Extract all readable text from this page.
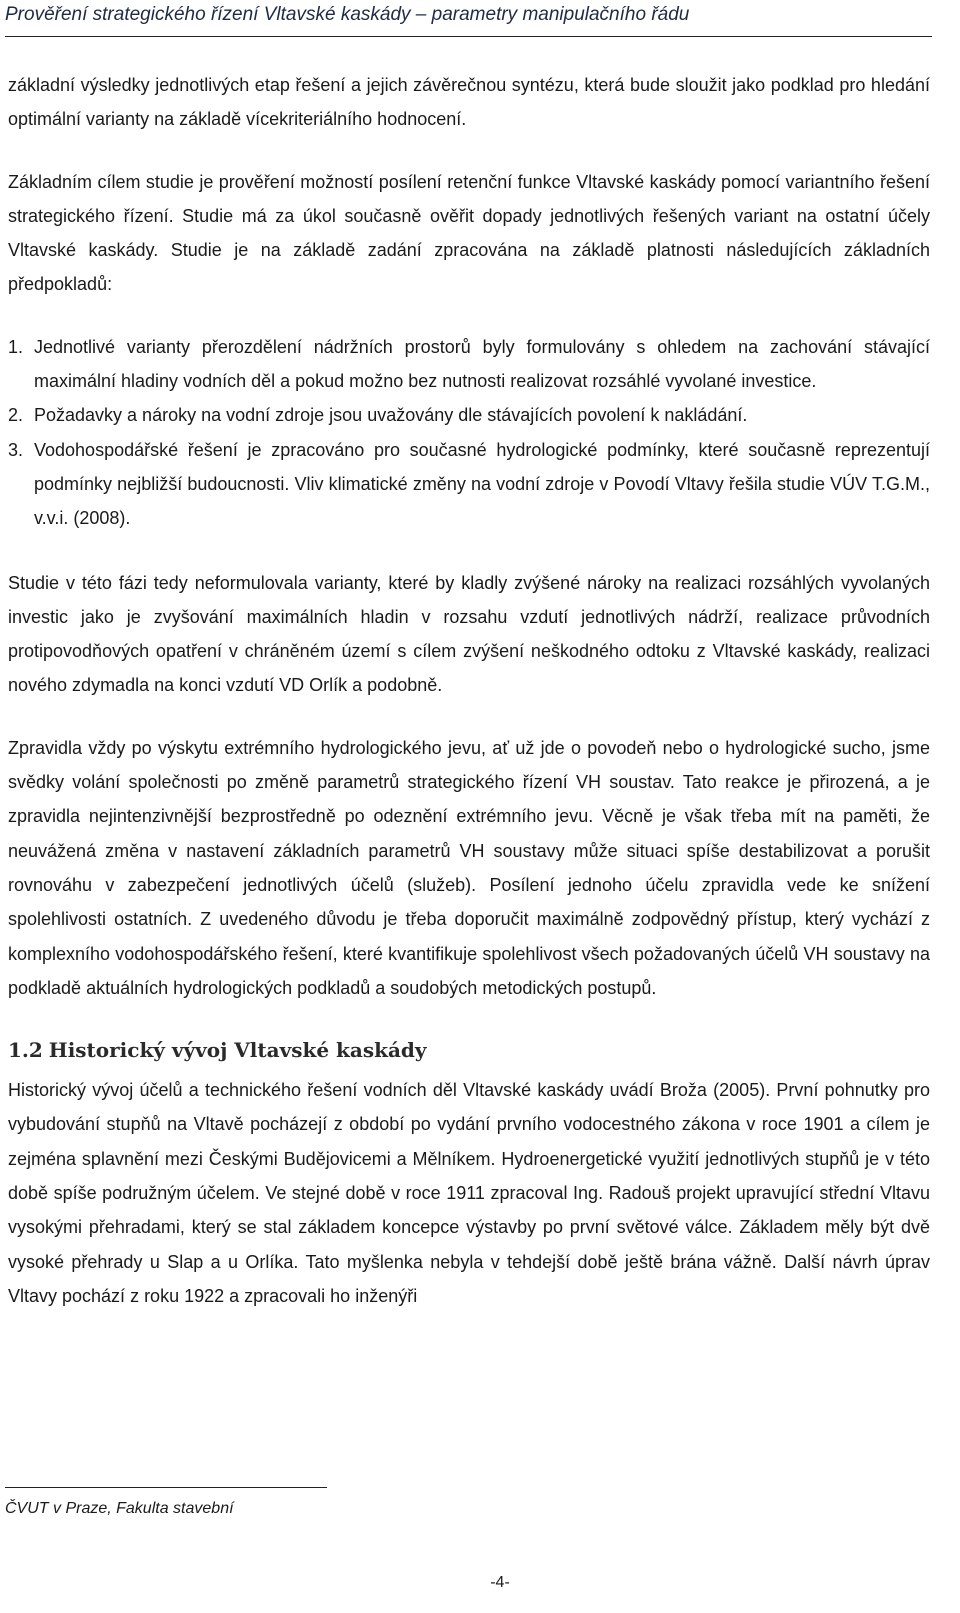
Prověření strategického řízení Vltavské kaskády – parametry manipulačního řádu

základní výsledky jednotlivých etap řešení a jejich závěrečnou syntézu, která bude sloužit jako podklad pro hledání optimální varianty na základě vícekriteriálního hodnocení.

Základním cílem studie je prověření možností posílení retenční funkce Vltavské kaskády pomocí variantního řešení strategického řízení. Studie má za úkol současně ověřit dopady jednotlivých řešených variant na ostatní účely Vltavské kaskády. Studie je na základě zadání zpracována na základě platnosti následujících základních předpokladů:

1. Jednotlivé varianty přerozdělení nádržních prostorů byly formulovány s ohledem na zachování stávající maximální hladiny vodních děl a pokud možno bez nutnosti realizovat rozsáhlé vyvolané investice.
2. Požadavky a nároky na vodní zdroje jsou uvažovány dle stávajících povolení k nakládání.
3. Vodohospodářské řešení je zpracováno pro současné hydrologické podmínky, které současně reprezentují podmínky nejbližší budoucnosti. Vliv klimatické změny na vodní zdroje v Povodí Vltavy řešila studie VÚV T.G.M., v.v.i. (2008).

Studie v této fázi tedy neformulovala varianty, které by kladly zvýšené nároky na realizaci rozsáhlých vyvolaných investic jako je zvyšování maximálních hladin v rozsahu vzdutí jednotlivých nádrží, realizace průvodních protipovodňových opatření v chráněném území s cílem zvýšení neškodného odtoku z Vltavské kaskády, realizaci nového zdymadla na konci vzdutí VD Orlík a podobně.

Zpravidla vždy po výskytu extrémního hydrologického jevu, ať už jde o povodeň nebo o hydrologické sucho, jsme svědky volání společnosti po změně parametrů strategického řízení VH soustav. Tato reakce je přirozená, a je zpravidla nejintenzivnější bezprostředně po odeznění extrémního jevu. Věcně je však třeba mít na paměti, že neuvážená změna v nastavení základních parametrů VH soustavy může situaci spíše destabilizovat a porušit rovnováhu v zabezpečení jednotlivých účelů (služeb). Posílení jednoho účelu zpravidla vede ke snížení spolehlivosti ostatních. Z uvedeného důvodu je třeba doporučit maximálně zodpovědný přístup, který vychází z komplexního vodohospodářského řešení, které kvantifikuje spolehlivost všech požadovaných účelů VH soustavy na podkladě aktuálních hydrologických podkladů a soudobých metodických postupů.

1.2 Historický vývoj Vltavské kaskády

Historický vývoj účelů a technického řešení vodních děl Vltavské kaskády uvádí Broža (2005). První pohnutky pro vybudování stupňů na Vltavě pocházejí z období po vydání prvního vodocestného zákona v roce 1901 a cílem je zejména splavnění mezi Českými Budějovicemi a Mělníkem. Hydroenergetické využití jednotlivých stupňů je v této době spíše podružným účelem. Ve stejné době v roce 1911 zpracoval Ing. Radouš projekt upravující střední Vltavu vysokými přehradami, který se stal základem koncepce výstavby po první světové válce. Základem měly být dvě vysoké přehrady u Slap a u Orlíka. Tato myšlenka nebyla v tehdejší době ještě brána vážně. Další návrh úprav Vltavy pochází z roku 1922 a zpracovali ho inženýři

ČVUT v Praze, Fakulta stavební
-4-
